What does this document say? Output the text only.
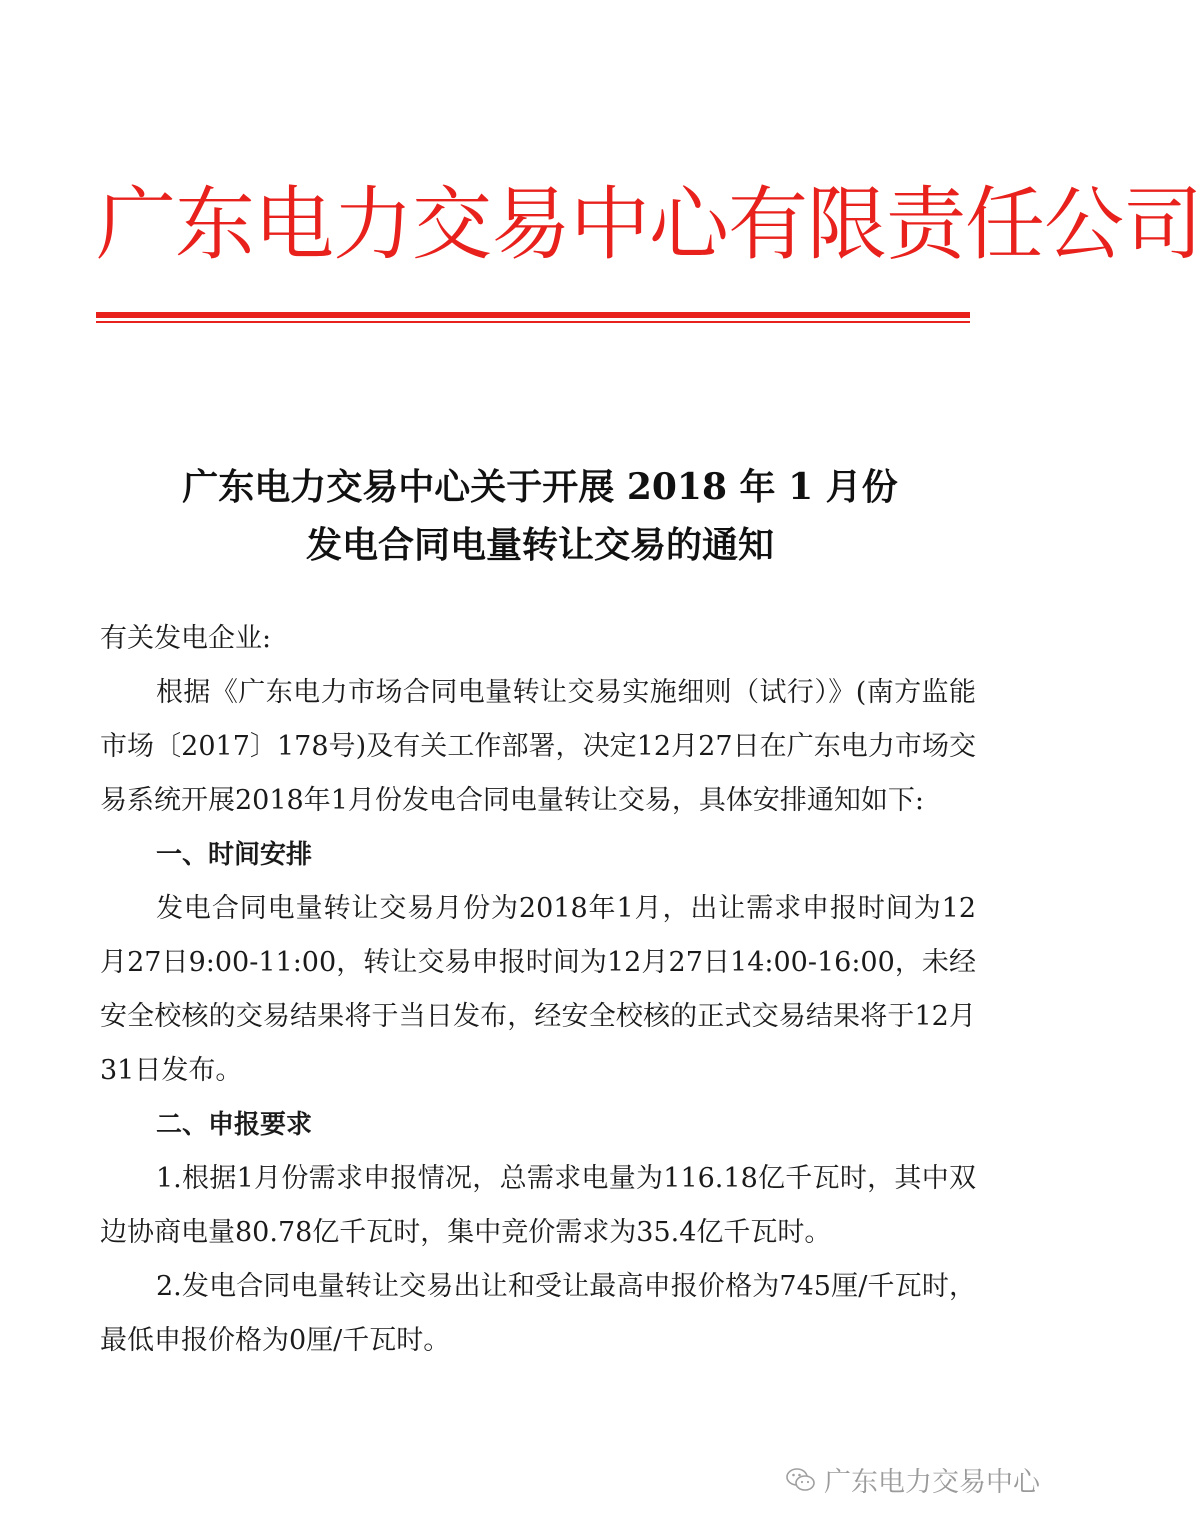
广东电力交易中心有限责任公司
广东电力交易中心关于开展 2018 年 1 月份
发电合同电量转让交易的通知

有关发电企业:

根据《广东电力市场合同电量转让交易实施细则（试行）》(南方监能市场〔2017〕178号)及有关工作部署，决定12月27日在广东电力市场交易系统开展2018年1月份发电合同电量转让交易，具体安排通知如下:

一、时间安排

发电合同电量转让交易月份为2018年1月，出让需求申报时间为12月27日9:00-11:00，转让交易申报时间为12月27日14:00-16:00，未经安全校核的交易结果将于当日发布，经安全校核的正式交易结果将于12月31日发布。

二、申报要求

1.根据1月份需求申报情况，总需求电量为116.18亿千瓦时，其中双边协商电量80.78亿千瓦时，集中竞价需求为35.4亿千瓦时。

2.发电合同电量转让交易出让和受让最高申报价格为745厘/千瓦时，最低申报价格为0厘/千瓦时。

广东电力交易中心
